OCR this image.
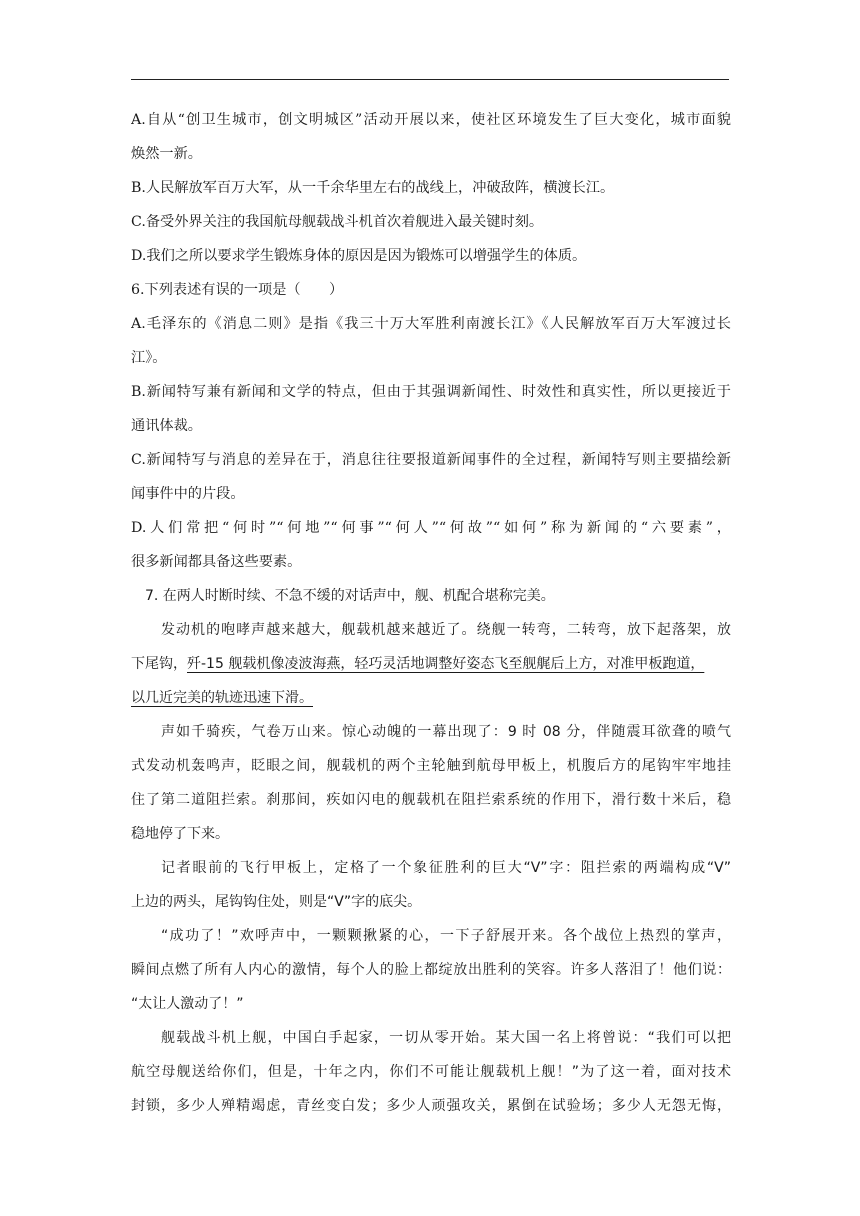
A.自从“创卫生城市，创文明城区”活动开展以来，使社区环境发生了巨大变化，城市面貌
焕然一新。
B.人民解放军百万大军，从一千余华里左右的战线上，冲破敌阵，横渡长江。
C.备受外界关注的我国航母舰载战斗机首次着舰进入最关键时刻。
D.我们之所以要求学生锻炼身体的原因是因为锻炼可以增强学生的体质。
6.下列表述有误的一项是（　　）
A.毛泽东的《消息二则》是指《我三十万大军胜利南渡长江》《人民解放军百万大军渡过长
江》。
B.新闻特写兼有新闻和文学的特点，但由于其强调新闻性、时效性和真实性，所以更接近于
通讯体裁。
C.新闻特写与消息的差异在于，消息往往要报道新闻事件的全过程，新闻特写则主要描绘新
闻事件中的片段。
D.人们常把“何时”“何地”“何事”“何人”“何故”“如何”称为新闻的“六要素”，
很多新闻都具备这些要素。
7. 在两人时断时续、不急不缓的对话声中，舰、机配合堪称完美。
发动机的咆哮声越来越大，舰载机越来越近了。绕舰一转弯，二转弯，放下起落架，放
下尾钩，歼-15 舰载机像凌波海燕，轻巧灵活地调整好姿态飞至舰艉后上方，对准甲板跑道，
以几近完美的轨迹迅速下滑。
声如千骑疾，气卷万山来。惊心动魄的一幕出现了：9 时 08 分，伴随震耳欲聋的喷气
式发动机轰鸣声，眨眼之间，舰载机的两个主轮触到航母甲板上，机腹后方的尾钩牢牢地挂
住了第二道阻拦索。刹那间，疾如闪电的舰载机在阻拦索系统的作用下，滑行数十米后，稳
稳地停了下来。
记者眼前的飞行甲板上，定格了一个象征胜利的巨大“V”字：阻拦索的两端构成“V”
上边的两头，尾钩钩住处，则是“V”字的底尖。
“成功了！”欢呼声中，一颗颗揪紧的心，一下子舒展开来。各个战位上热烈的掌声，
瞬间点燃了所有人内心的激情，每个人的脸上都绽放出胜利的笑容。许多人落泪了！他们说：
“太让人激动了！”
舰载战斗机上舰，中国白手起家，一切从零开始。某大国一名上将曾说：“我们可以把
航空母舰送给你们，但是，十年之内，你们不可能让舰载机上舰！”为了这一着，面对技术
封锁，多少人殚精竭虑，青丝变白发；多少人顽强攻关，累倒在试验场；多少人无怨无悔，
